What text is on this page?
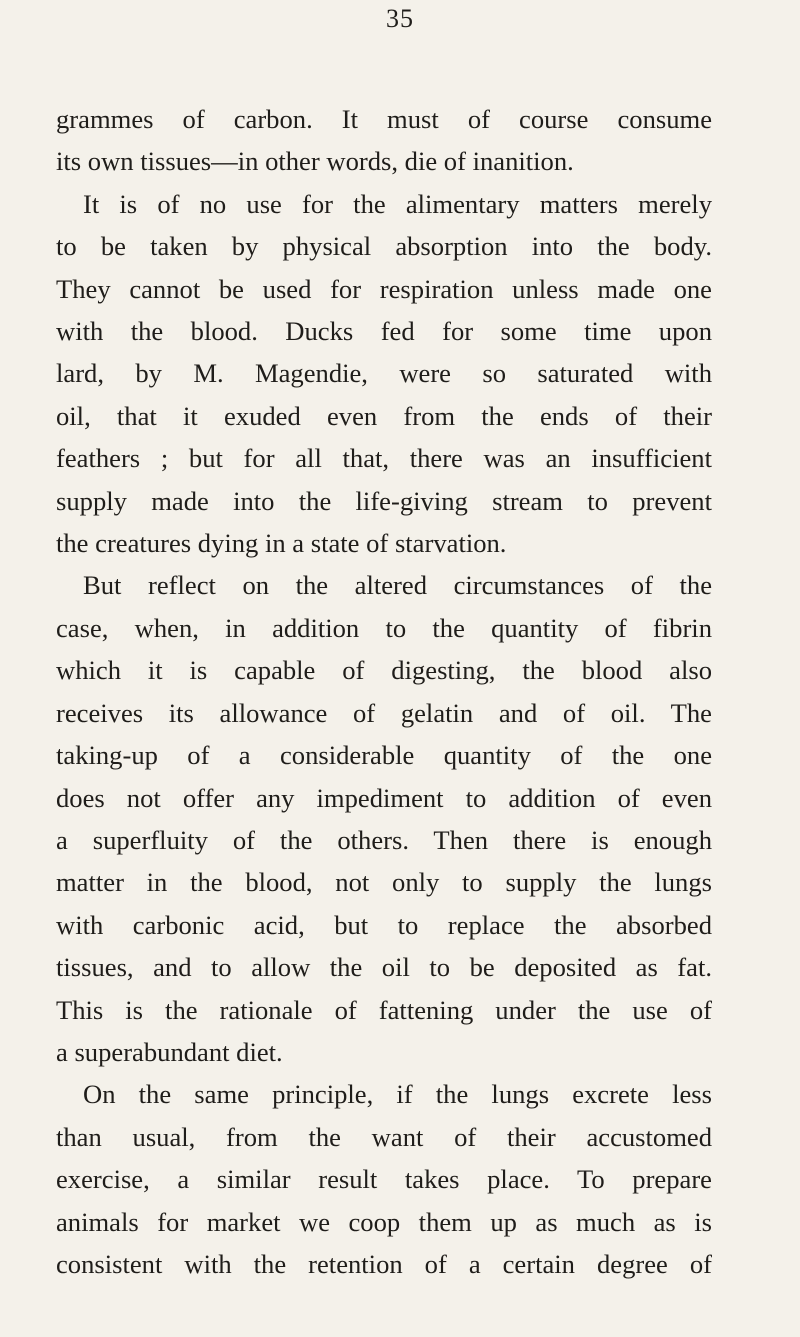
35
grammes of carbon. It must of course consume
its own tissues—in other words, die of inanition.
It is of no use for the alimentary matters merely
to be taken by physical absorption into the body.
They cannot be used for respiration unless made one
with the blood. Ducks fed for some time upon
lard, by M. Magendie, were so saturated with
oil, that it exuded even from the ends of their
feathers ; but for all that, there was an insufficient
supply made into the life-giving stream to prevent
the creatures dying in a state of starvation.
But reflect on the altered circumstances of the
case, when, in addition to the quantity of fibrin
which it is capable of digesting, the blood also
receives its allowance of gelatin and of oil. The
taking-up of a considerable quantity of the one
does not offer any impediment to addition of even
a superfluity of the others. Then there is enough
matter in the blood, not only to supply the lungs
with carbonic acid, but to replace the absorbed
tissues, and to allow the oil to be deposited as fat.
This is the rationale of fattening under the use of
a superabundant diet.
On the same principle, if the lungs excrete less
than usual, from the want of their accustomed
exercise, a similar result takes place. To prepare
animals for market we coop them up as much as is
consistent with the retention of a certain degree of
